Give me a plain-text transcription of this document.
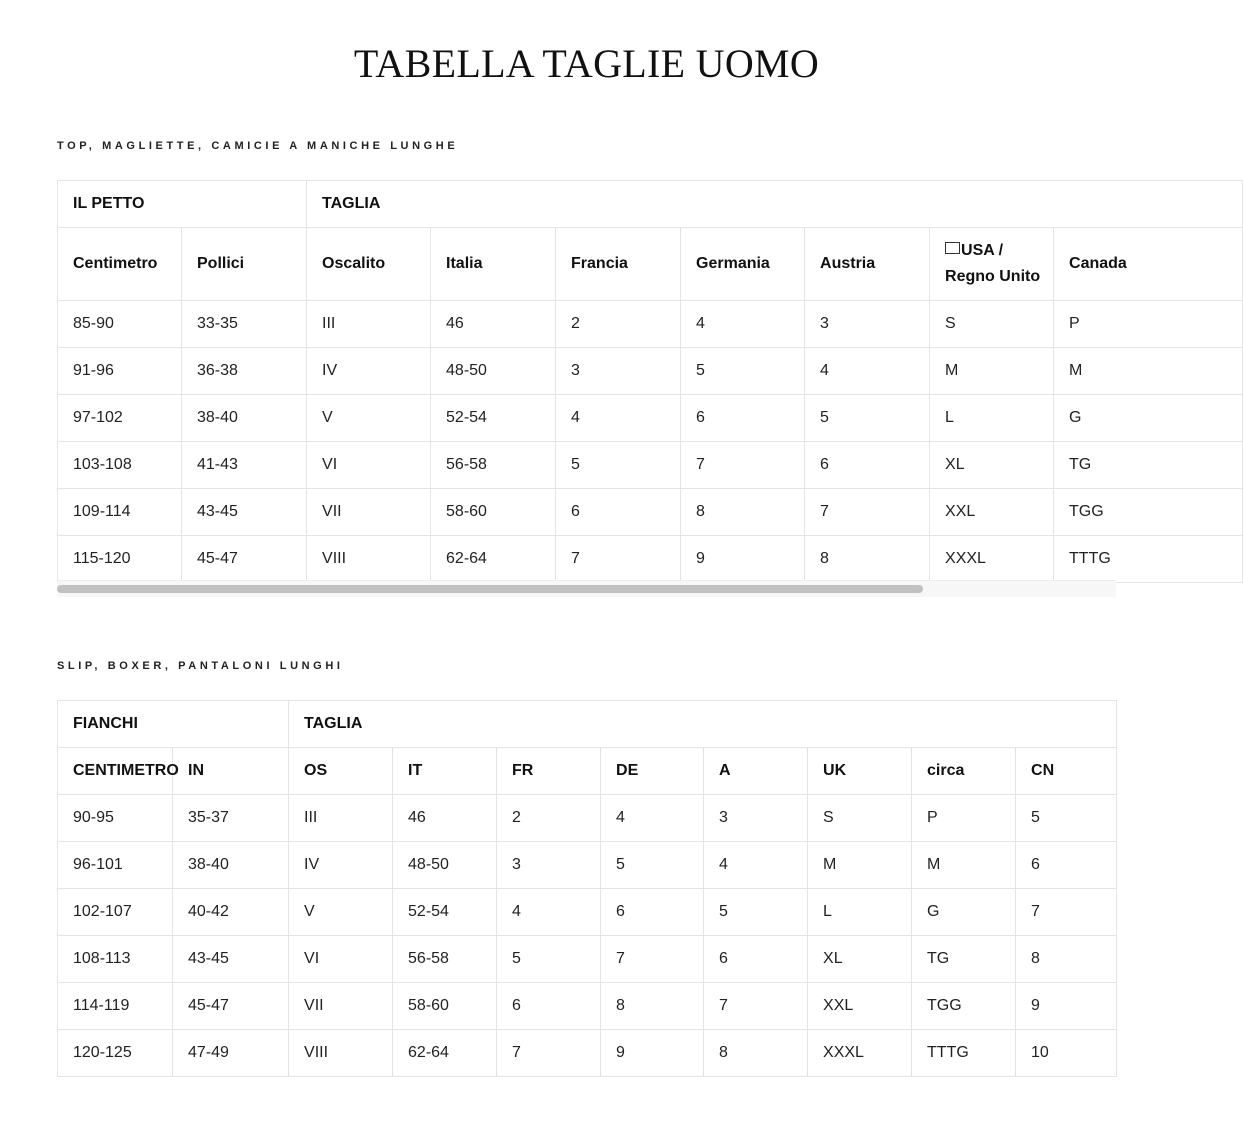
TABELLA TAGLIE UOMO
TOP, MAGLIETTE, CAMICIE A MANICHE LUNGHE
IL PETTO		TAGLIA						
Centimetro	Pollici	Oscalito	Italia	Francia	Germania	Austria	USA /
Regno Unito	Canada
85-90	33-35	III	46	2	4	3	S	P
91-96	36-38	IV	48-50	3	5	4	M	M
97-102	38-40	V	52-54	4	6	5	L	G
103-108	41-43	VI	56-58	5	7	6	XL	TG
109-114	43-45	VII	58-60	6	8	7	XXL	TGG
115-120	45-47	VIII	62-64	7	9	8	XXXL	TTTG
SLIP, BOXER, PANTALONI LUNGHI
FIANCHI		TAGLIA							
CENTIMETRO	IN	OS	IT	FR	DE	A	UK	circa	CN
90-95	35-37	III	46	2	4	3	S	P	5
96-101	38-40	IV	48-50	3	5	4	M	M	6
102-107	40-42	V	52-54	4	6	5	L	G	7
108-113	43-45	VI	56-58	5	7	6	XL	TG	8
114-119	45-47	VII	58-60	6	8	7	XXL	TGG	9
120-125	47-49	VIII	62-64	7	9	8	XXXL	TTTG	10
